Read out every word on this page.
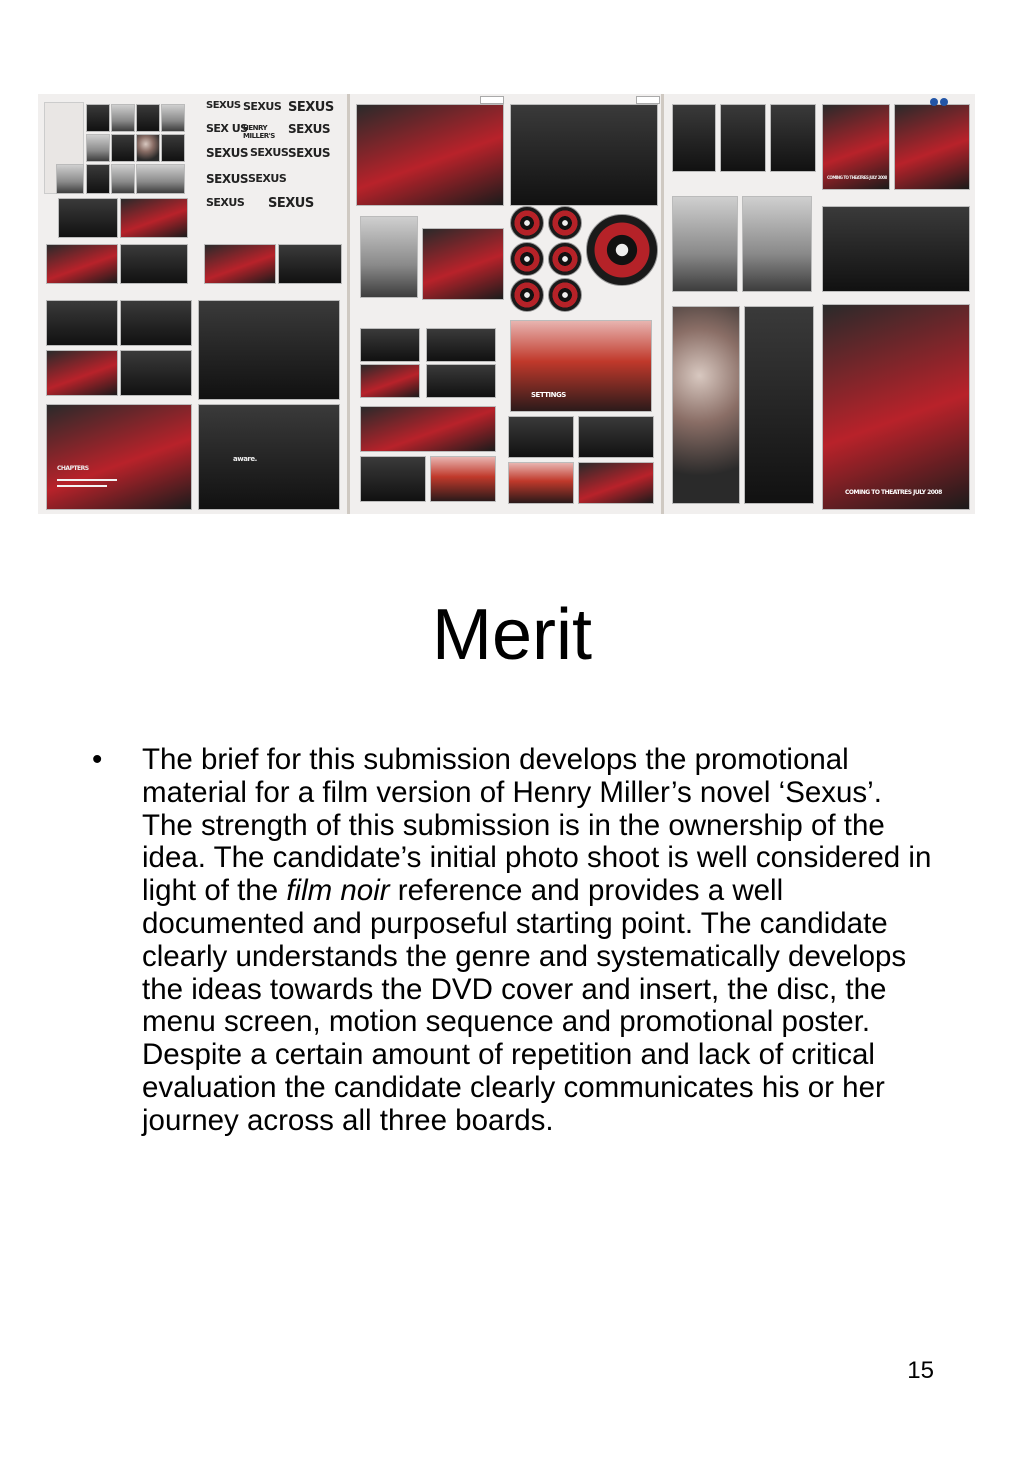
SEXUS SEXUS SEXUS
SEX US
HENRY MILLER'S	SEXUS
SEXUS SEXUS SEXUS
SEXUS SEXUS
SEXUS SEXUS
CHAPTERS
aware.
SETTINGS
COMING TO THEATRES JULY 2008
COMING TO THEATRES JULY 2008
Merit
• The brief for this submission develops the promotional material for a film version of Henry Miller’s novel ‘Sexus’. The strength of this submission is in the ownership of the idea. The candidate’s initial photo shoot is well considered in light of the film noir reference and provides a well documented and purposeful starting point. The candidate clearly understands the genre and systematically develops the ideas towards the DVD cover and insert, the disc, the menu screen, motion sequence and promotional poster. Despite a certain amount of repetition and lack of critical evaluation the candidate clearly communicates his or her journey across all three boards.
15
